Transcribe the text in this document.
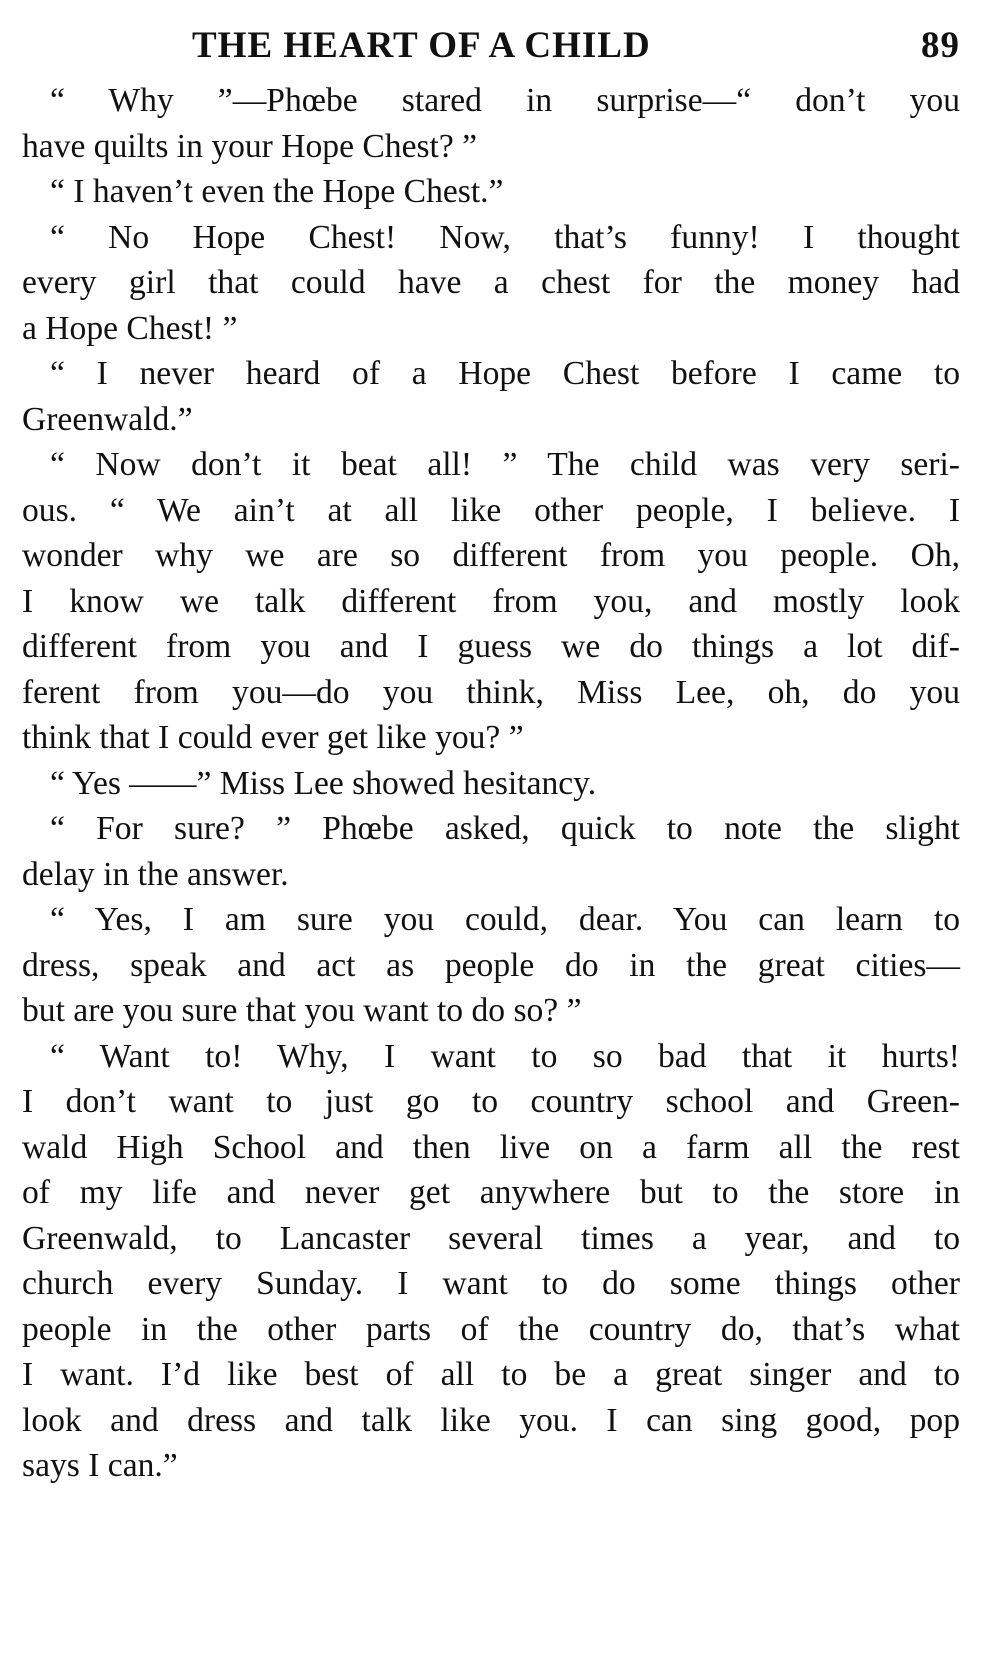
THE HEART OF A CHILD	89
“ Why ”—Phœbe stared in surprise—“ don’t you
have quilts in your Hope Chest? ”
“ I haven’t even the Hope Chest.”
“ No Hope Chest! Now, that’s funny! I thought
every girl that could have a chest for the money had
a Hope Chest! ”
“ I never heard of a Hope Chest before I came to
Greenwald.”
“ Now don’t it beat all! ” The child was very seri-
ous. “ We ain’t at all like other people, I believe. I
wonder why we are so different from you people. Oh,
I know we talk different from you, and mostly look
different from you and I guess we do things a lot dif-
ferent from you—do you think, Miss Lee, oh, do you
think that I could ever get like you? ”
“ Yes ——” Miss Lee showed hesitancy.
“ For sure? ” Phœbe asked, quick to note the slight
delay in the answer.
“ Yes, I am sure you could, dear. You can learn to
dress, speak and act as people do in the great cities—
but are you sure that you want to do so? ”
“ Want to! Why, I want to so bad that it hurts!
I don’t want to just go to country school and Green-
wald High School and then live on a farm all the rest
of my life and never get anywhere but to the store in
Greenwald, to Lancaster several times a year, and to
church every Sunday. I want to do some things other
people in the other parts of the country do, that’s what
I want. I’d like best of all to be a great singer and to
look and dress and talk like you. I can sing good, pop
says I can.”
